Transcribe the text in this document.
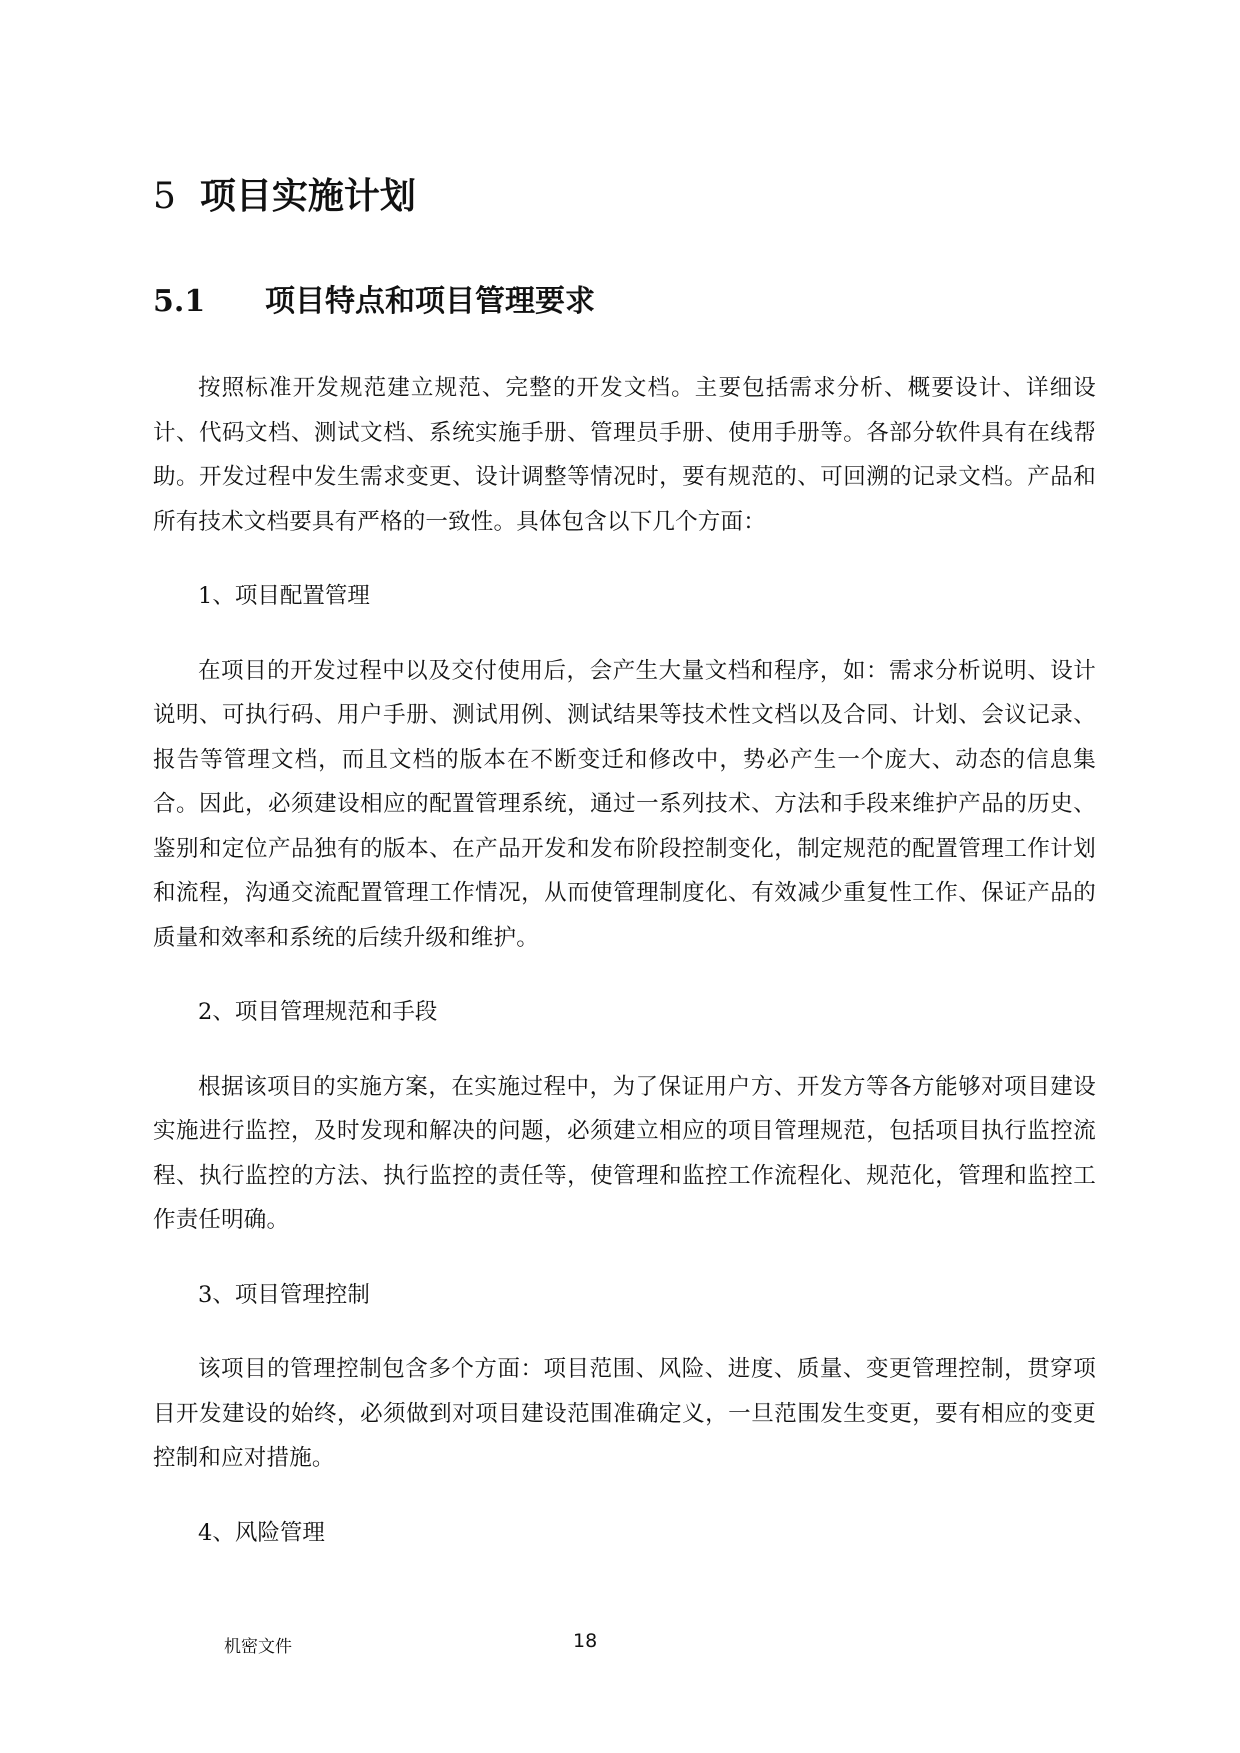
5 项目实施计划
5.1	项目特点和项目管理要求

按照标准开发规范建立规范、完整的开发文档。主要包括需求分析、概要设计、详细设计、代码文档、测试文档、系统实施手册、管理员手册、使用手册等。各部分软件具有在线帮助。开发过程中发生需求变更、设计调整等情况时，要有规范的、可回溯的记录文档。产品和所有技术文档要具有严格的一致性。具体包含以下几个方面：

1、项目配置管理

在项目的开发过程中以及交付使用后，会产生大量文档和程序，如：需求分析说明、设计说明、可执行码、用户手册、测试用例、测试结果等技术性文档以及合同、计划、会议记录、报告等管理文档，而且文档的版本在不断变迁和修改中，势必产生一个庞大、动态的信息集合。因此，必须建设相应的配置管理系统，通过一系列技术、方法和手段来维护产品的历史、鉴别和定位产品独有的版本、在产品开发和发布阶段控制变化，制定规范的配置管理工作计划和流程，沟通交流配置管理工作情况，从而使管理制度化、有效减少重复性工作、保证产品的质量和效率和系统的后续升级和维护。

2、项目管理规范和手段

根据该项目的实施方案，在实施过程中，为了保证用户方、开发方等各方能够对项目建设实施进行监控，及时发现和解决的问题，必须建立相应的项目管理规范，包括项目执行监控流程、执行监控的方法、执行监控的责任等，使管理和监控工作流程化、规范化，管理和监控工作责任明确。

3、项目管理控制

该项目的管理控制包含多个方面：项目范围、风险、进度、质量、变更管理控制，贯穿项目开发建设的始终，必须做到对项目建设范围准确定义，一旦范围发生变更，要有相应的变更控制和应对措施。

4、风险管理

机密文件	18
